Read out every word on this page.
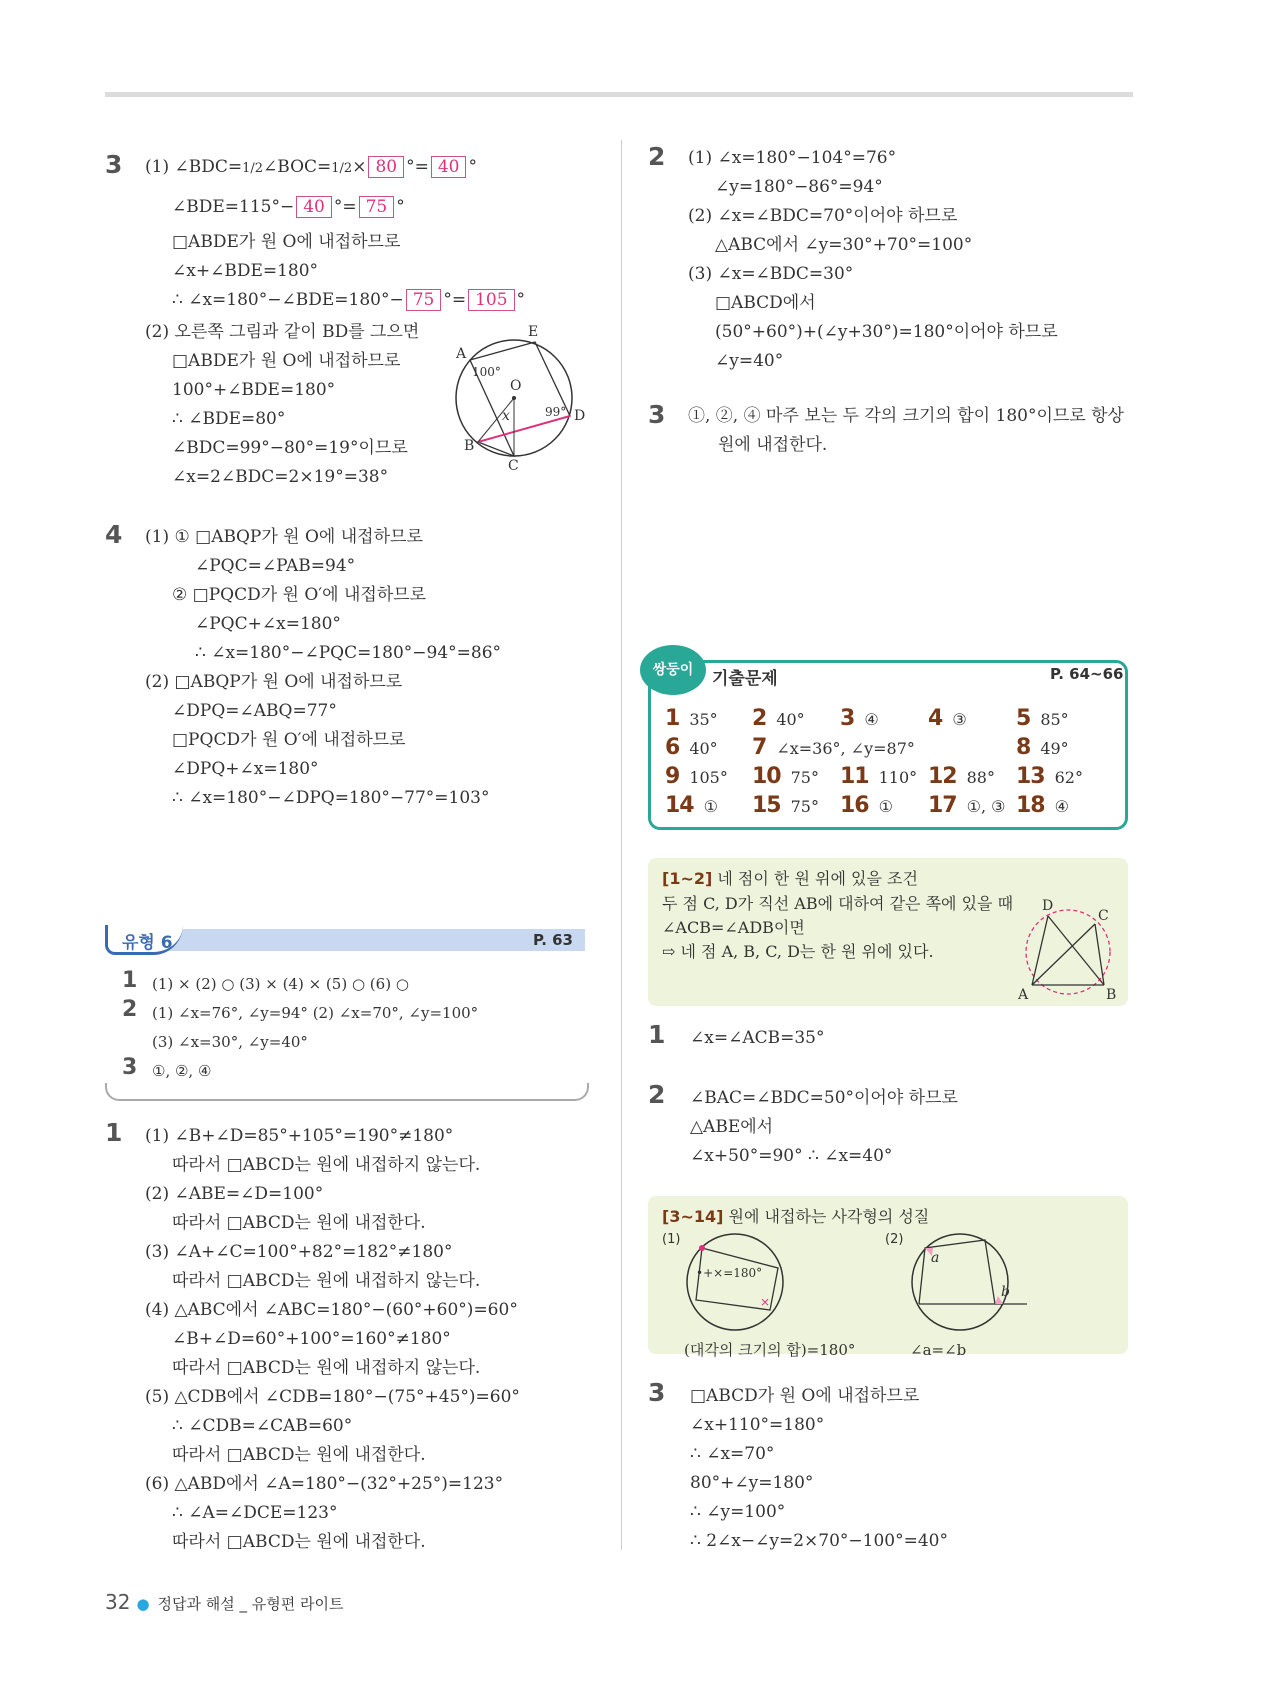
3 (1) ∠BDC=1/2∠BOC=1/2× 80 °= 40 °
∠BDE=115°− 40 °= 75 °
□ABDE가 원 O에 내접하므로
∠x+∠BDE=180°
∴ ∠x=180°−∠BDE=180°− 75 °= 105 °
(2) 오른쪽 그림과 같이 BD를 그으면
□ABDE가 원 O에 내접하므로
100°+∠BDE=180°
∴ ∠BDE=80°
∠BDC=99°−80°=19°이므로
∠x=2∠BDC=2×19°=38°
A
E
D
B
C
O
x
100°
99°
4 (1) ① □ABQP가 원 O에 내접하므로
∠PQC=∠PAB=94°
② □PQCD가 원 O′에 내접하므로
∠PQC+∠x=180°
∴ ∠x=180°−∠PQC=180°−94°=86°
(2) □ABQP가 원 O에 내접하므로
∠DPQ=∠ABQ=77°
□PQCD가 원 O′에 내접하므로
∠DPQ+∠x=180°
∴ ∠x=180°−∠DPQ=180°−77°=103°
유형 6	P. 63
1 (1) × (2) ○ (3) × (4) × (5) ○ (6) ○
2 (1) ∠x=76°, ∠y=94° (2) ∠x=70°, ∠y=100°
(3) ∠x=30°, ∠y=40°
3 ①, ②, ④
1 (1) ∠B+∠D=85°+105°=190°≠180°
따라서 □ABCD는 원에 내접하지 않는다.
(2) ∠ABE=∠D=100°
따라서 □ABCD는 원에 내접한다.
(3) ∠A+∠C=100°+82°=182°≠180°
따라서 □ABCD는 원에 내접하지 않는다.
(4) △ABC에서 ∠ABC=180°−(60°+60°)=60°
∠B+∠D=60°+100°=160°≠180°
따라서 □ABCD는 원에 내접하지 않는다.
(5) △CDB에서 ∠CDB=180°−(75°+45°)=60°
∴ ∠CDB=∠CAB=60°
따라서 □ABCD는 원에 내접한다.
(6) △ABD에서 ∠A=180°−(32°+25°)=123°
∴ ∠A=∠DCE=123°
따라서 □ABCD는 원에 내접한다.
2 (1) ∠x=180°−104°=76°
∠y=180°−86°=94°
(2) ∠x=∠BDC=70°이어야 하므로
△ABC에서 ∠y=30°+70°=100°
(3) ∠x=∠BDC=30°
□ABCD에서
(50°+60°)+(∠y+30°)=180°이어야 하므로
∠y=40°
3 ①, ②, ④ 마주 보는 두 각의 크기의 합이 180°이므로 항상
원에 내접한다.
쌍둥이	기출문제	P. 64~66
1 35° 2 40° 3 ④ 4 ③ 5 85°
6 40° 7 ∠x=36°, ∠y=87°	8 49°
9 105° 10 75° 11 110° 12 88° 13 62°
14 ① 15 75° 16 ① 17 ①, ③ 18 ④
[1~2] 네 점이 한 원 위에 있을 조건
두 점 C, D가 직선 AB에 대하여 같은 쪽에 있을 때
∠ACB=∠ADB이면
⇨ 네 점 A, B, C, D는 한 원 위에 있다.
A	B
C
D
1 ∠x=∠ACB=35°
2 ∠BAC=∠BDC=50°이어야 하므로
△ABE에서
∠x+50°=90° ∴ ∠x=40°
[3~14] 원에 내접하는 사각형의 성질
(1)	(2)
•+×=180°
×
a
b
(대각의 크기의 합)=180°	∠a=∠b
3 □ABCD가 원 O에 내접하므로
∠x+110°=180°
∴ ∠x=70°
80°+∠y=180°
∴ ∠y=100°
∴ 2∠x−∠y=2×70°−100°=40°
32 ● 정답과 해설 _ 유형편 라이트
